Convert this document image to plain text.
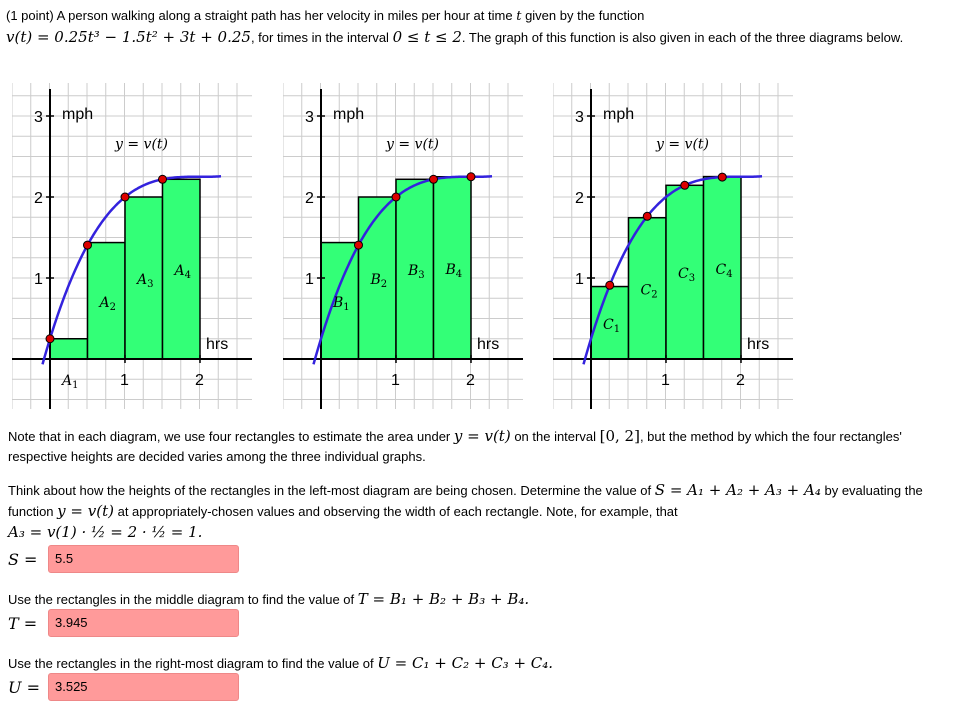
(1 point) A person walking along a straight path has her velocity in miles per hour at time t given by the function
v(t) = 0.25t³ − 1.5t² + 3t + 0.25, for times in the interval 0 ≤ t ≤ 2. The graph of this function is also given in each of the three diagrams below.
1
2
3
1	2
mph
hrs
y = v(t)
$A_1$
$A_2$
$A_3$
$A_4$	1
2
3
1	2
mph
hrs
y = v(t)
$B_1$
$B_2$
$B_3$ $B_4$	1
2
3
1	2
mph
hrs
y = v(t)
$C_1$
$C_2$
$C_3$
$C_4$
Note that in each diagram, we use four rectangles to estimate the area under y = v(t) on the interval [0, 2], but the method by which the four rectangles' respective heights are decided varies among the three individual graphs.
Think about how the heights of the rectangles in the left-most diagram are being chosen. Determine the value of S = A₁ + A₂ + A₃ + A₄ by evaluating the function y = v(t) at appropriately-chosen values and observing the width of each rectangle. Note, for example, that
A₃ = v(1) · ½ = 2 · ½ = 1.
S =	5.5
Use the rectangles in the middle diagram to find the value of T = B₁ + B₂ + B₃ + B₄.
T =	3.945
Use the rectangles in the right-most diagram to find the value of U = C₁ + C₂ + C₃ + C₄.
U =	3.525
